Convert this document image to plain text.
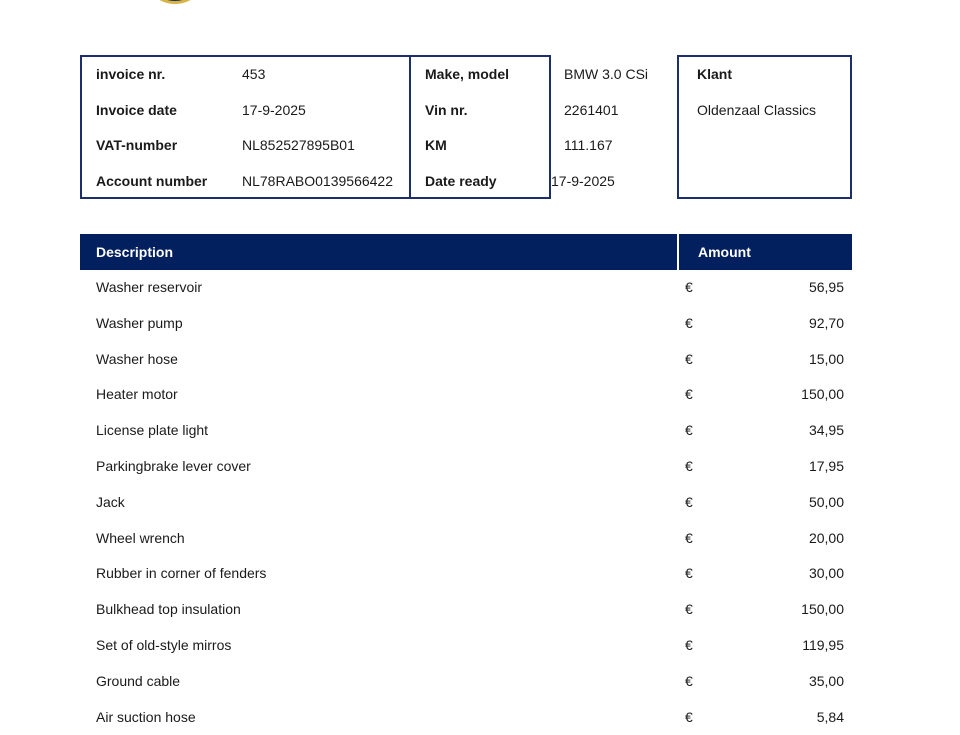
invoice nr.	453
Invoice date	17-9-2025
VAT-number	NL852527895B01
Account number NL78RABO0139566422
Make, model	BMW 3.0 CSi
Vin nr.	2261401
KM	111.167
Date ready	17-9-2025
Klant
Oldenzaal Classics
Description	Amount
Washer reservoir	€	56,95
Washer pump	€	92,70
Washer hose	€	15,00
Heater motor	€	150,00
License plate light	€	34,95
Parkingbrake lever cover	€	17,95
Jack	€	50,00
Wheel wrench	€	20,00
Rubber in corner of fenders	€	30,00
Bulkhead top insulation	€	150,00
Set of old-style mirros	€	119,95
Ground cable	€	35,00
Air suction hose	€	5,84
